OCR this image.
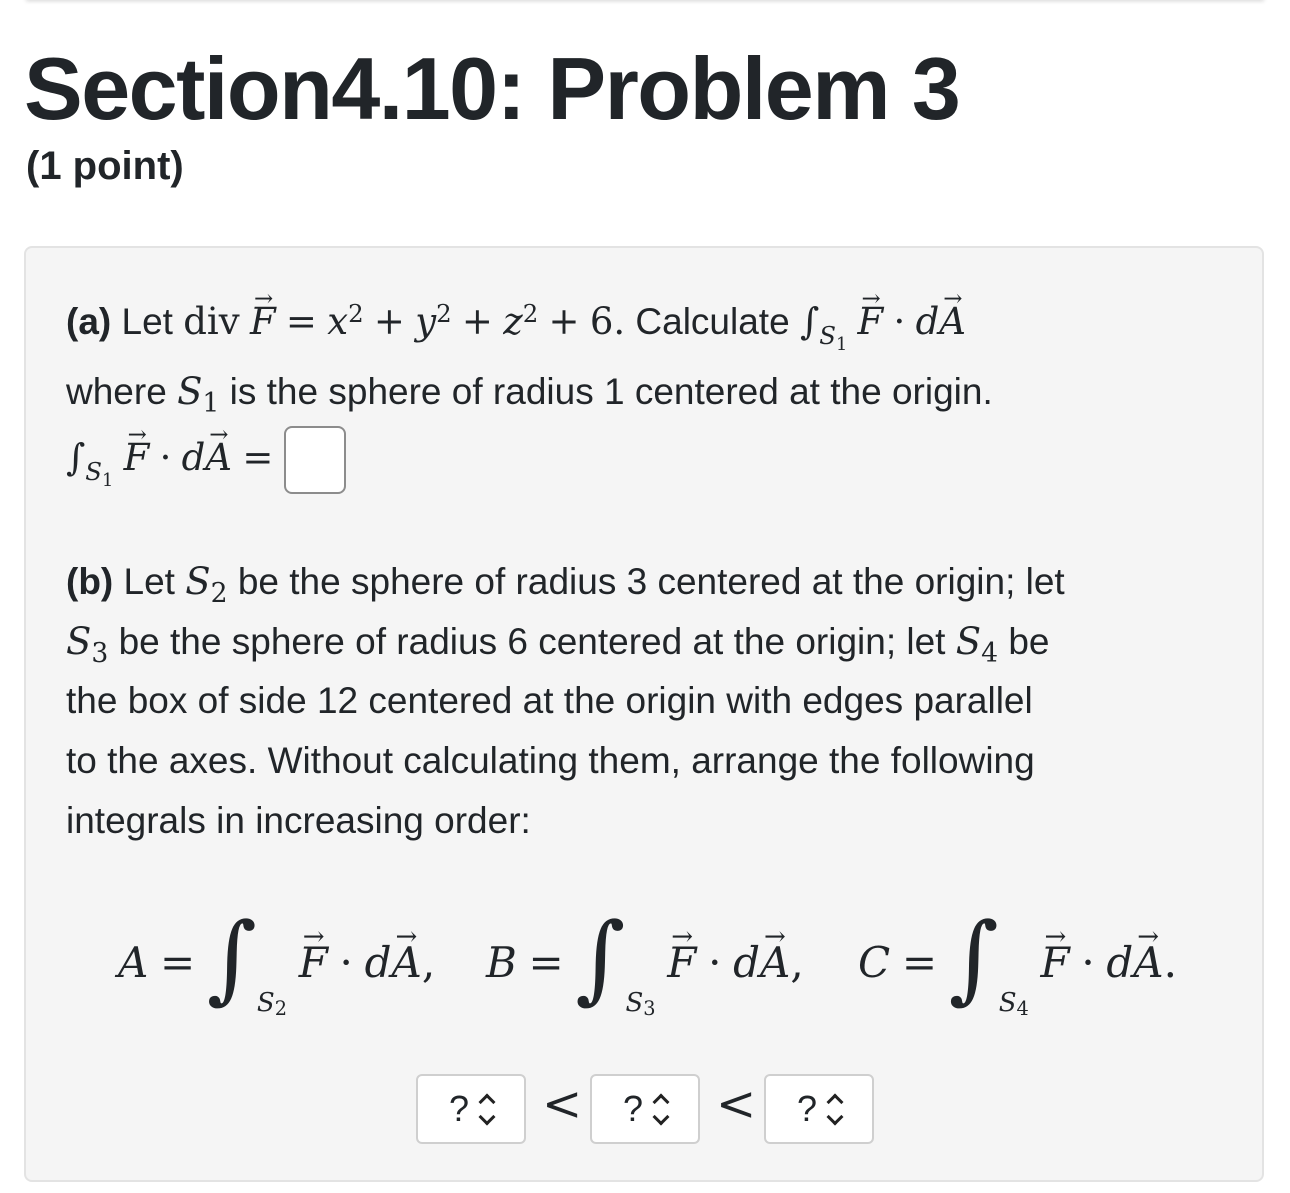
Section4.10: Problem 3
(1 point)
(a) Let div → $F = x^2 + y^2 + z^2 + 6$. Calculate $\int_{S1} \to F \cdot d\to A$
where $S_1$ is the sphere of radius 1 centered at the origin.
$\int_{S1} \to F \cdot d\to A$ =
(b) Let $S_2$ be the sphere of radius 3 centered at the origin; let
$S_3$ be the sphere of radius 6 centered at the origin; let $S_4$ be
the box of side 12 centered at the origin with edges parallel
to the axes. Without calculating them, arrange the following
integrals in increasing order:
$A = \int_{S2} \to F \cdot d\to A$, $B = \int_{S3} \to F \cdot d\to A$, $C = \int_{S4} \to F \cdot d\to A$.
? < ? < ?
